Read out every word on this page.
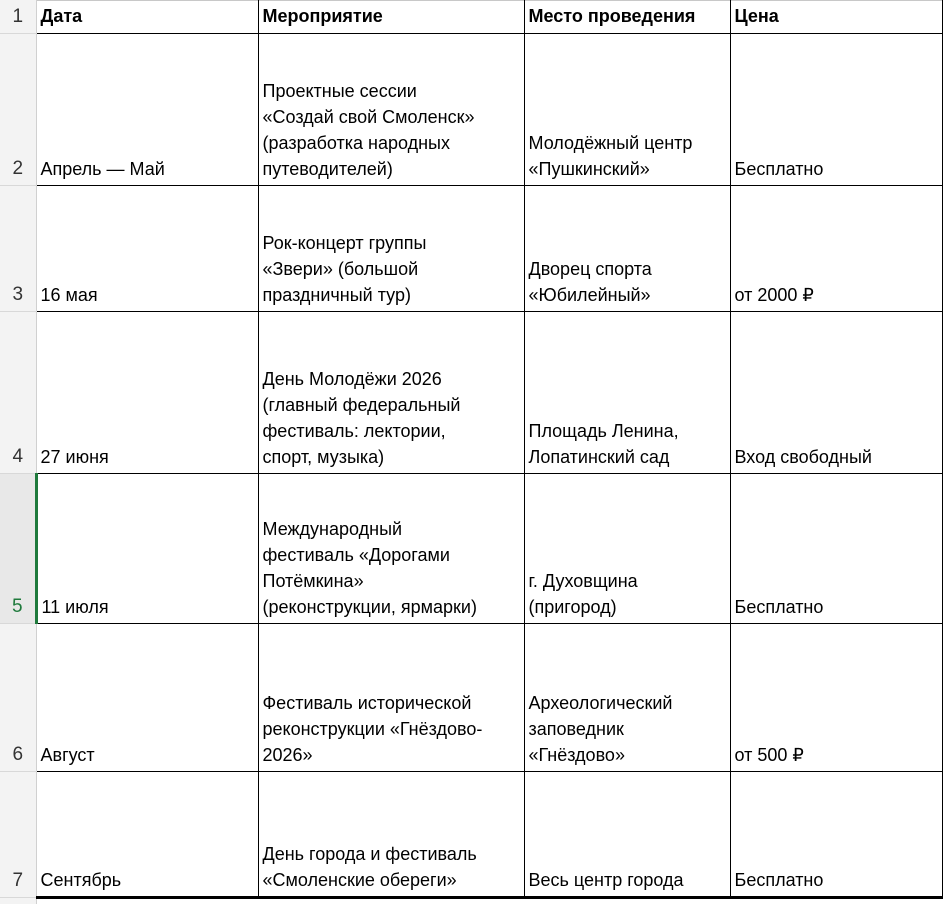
1	Дата	Мероприятие	Место проведения	Цена
2	Апрель — Май	Проектные сессии
«Создай свой Смоленск»
(разработка народных
путеводителей)	Молодёжный центр
«Пушкинский»	Бесплатно
3	16 мая	Рок-концерт группы
«Звери» (большой
праздничный тур)	Дворец спорта
«Юбилейный»	от 2000 ₽
4	27 июня	День Молодёжи 2026
(главный федеральный
фестиваль: лектории,
спорт, музыка)	Площадь Ленина,
Лопатинский сад	Вход свободный
5	11 июля	Международный
фестиваль «Дорогами
Потёмкина»
(реконструкции, ярмарки)	г. Духовщина
(пригород)	Бесплатно
6	Август	Фестиваль исторической
реконструкции «Гнёздово-
2026»	Археологический
заповедник
«Гнёздово»	от 500 ₽
7	Сентябрь	День города и фестиваль
«Смоленские обереги»	Весь центр города	Бесплатно
